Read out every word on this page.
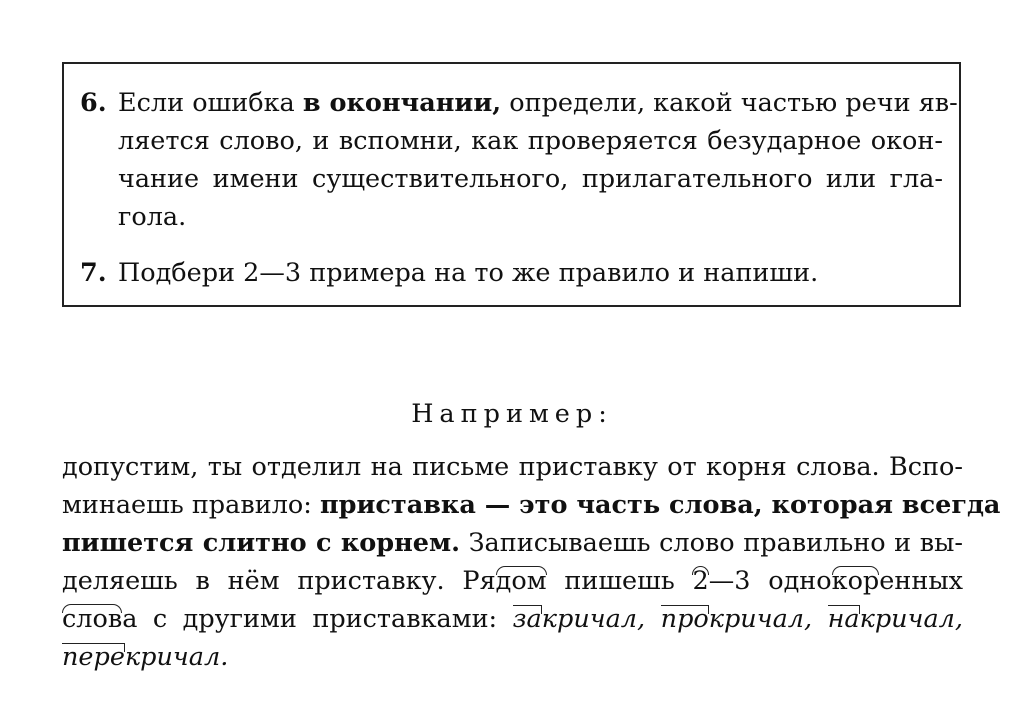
6. Если ошибка в окончании, определи, какой частью речи яв-
ляется слово, и вспомни, как проверяется безударное окон-
чание имени существительного, прилагательного или гла-
гола.
7. Подбери 2—3 примера на то же правило и напиши.
Например:
допустим, ты отделил на письме приставку от корня слова. Вспо-
минаешь правило: приставка — это часть слова, которая всегда
пишется слитно с корнем. Записываешь слово правильно и вы-
деляешь в нём приставку. Ря
дом пишешь
2—3 одно
коренных
слова с другими приставками:
закричал, прокричал, накричал,
перекричал.
